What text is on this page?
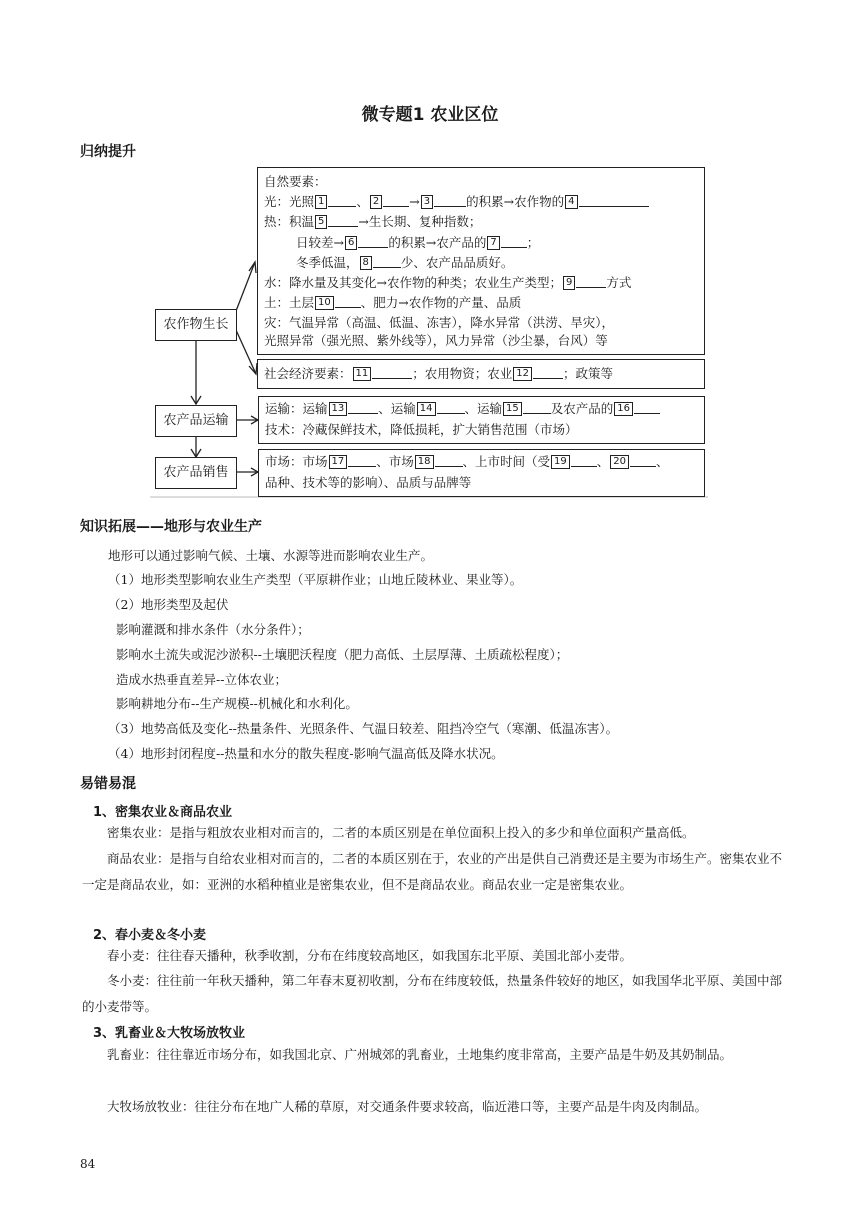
微专题1 农业区位
归纳提升
农作物生长
农产品运输
农产品销售
自然要素：
光：光照 1	、 2 → 3	的积累→农作物的 4
热：积温 5	→生长期、复种指数；
日较差→ 6	的积累→农产品的 7 ；
冬季低温， 8	少、农产品品质好。
水：降水量及其变化→农作物的种类；农业生产类型； 9	方式
土：土层 10 、肥力→农作物的产量、品质
灾：气温异常（高温、低温、冻害），降水异常（洪涝、旱灾），
光照异常（强光照、紫外线等），风力异常（沙尘暴，台风）等
社会经济要素： 11	；农用物资；农业 12	；政策等
运输：运输 13	、运输 14	、运输 15	及农产品的 16
技术：冷藏保鲜技术，降低损耗，扩大销售范围（市场）
市场：市场 17	、市场 18	、上市时间（受 19 、 20 、
品种、技术等的影响）、品质与品牌等
知识拓展——地形与农业生产
地形可以通过影响气候、土壤、水源等进而影响农业生产。
（1）地形类型影响农业生产类型（平原耕作业；山地丘陵林业、果业等）。
（2）地形类型及起伏
影响灌溉和排水条件（水分条件）；
影响水土流失或泥沙淤积--土壤肥沃程度（肥力高低、土层厚薄、土质疏松程度）；
造成水热垂直差异--立体农业；
影响耕地分布--生产规模--机械化和水利化。
（3）地势高低及变化--热量条件、光照条件、气温日较差、阻挡冷空气（寒潮、低温冻害）。
（4）地形封闭程度--热量和水分的散失程度-影响气温高低及降水状况。
易错易混
1、密集农业＆商品农业
密集农业：是指与粗放农业相对而言的，二者的本质区别是在单位面积上投入的多少和单位面积产量高低。
商品农业：是指与自给农业相对而言的，二者的本质区别在于，农业的产出是供自己消费还是主要为市场生产。密集农业不一定是商品农业，如：亚洲的水稻种植业是密集农业，但不是商品农业。商品农业一定是密集农业。
2、春小麦＆冬小麦
春小麦：往往春天播种，秋季收割，分布在纬度较高地区，如我国东北平原、美国北部小麦带。
冬小麦：往往前一年秋天播种，第二年春末夏初收割，分布在纬度较低，热量条件较好的地区，如我国华北平原、美国中部的小麦带等。
3、乳畜业＆大牧场放牧业
乳畜业：往往靠近市场分布，如我国北京、广州城郊的乳畜业，土地集约度非常高，主要产品是牛奶及其奶制品。
大牧场放牧业：往往分布在地广人稀的草原，对交通条件要求较高，临近港口等，主要产品是牛肉及肉制品。
84
